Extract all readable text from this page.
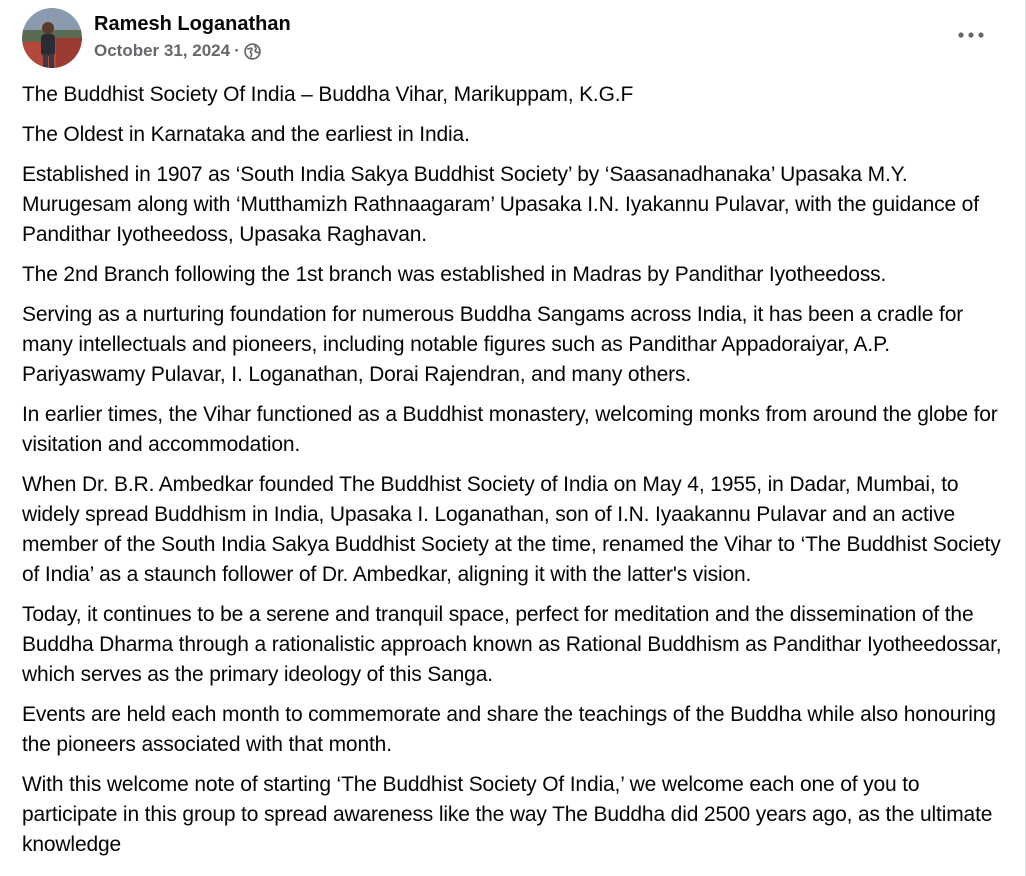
Ramesh Loganathan
October 31, 2024 ·

The Buddhist Society Of India – Buddha Vihar, Marikuppam, K.G.F

The Oldest in Karnataka and the earliest in India.

Established in 1907 as ‘South India Sakya Buddhist Society’ by ‘Saasanadhanaka’ Upasaka M.Y. Murugesam along with ‘Mutthamizh Rathnaagaram’ Upasaka I.N. Iyakannu Pulavar, with the guidance of Pandithar Iyotheedoss, Upasaka Raghavan.

The 2nd Branch following the 1st branch was established in Madras by Pandithar Iyotheedoss.

Serving as a nurturing foundation for numerous Buddha Sangams across India, it has been a cradle for many intellectuals and pioneers, including notable figures such as Pandithar Appadoraiyar, A.P. Pariyaswamy Pulavar, I. Loganathan, Dorai Rajendran, and many others.

In earlier times, the Vihar functioned as a Buddhist monastery, welcoming monks from around the globe for visitation and accommodation.

When Dr. B.R. Ambedkar founded The Buddhist Society of India on May 4, 1955, in Dadar, Mumbai, to widely spread Buddhism in India, Upasaka I. Loganathan, son of I.N. Iyaakannu Pulavar and an active member of the South India Sakya Buddhist Society at the time, renamed the Vihar to ‘The Buddhist Society of India’ as a staunch follower of Dr. Ambedkar, aligning it with the latter's vision.

Today, it continues to be a serene and tranquil space, perfect for meditation and the dissemination of the Buddha Dharma through a rationalistic approach known as Rational Buddhism as Pandithar Iyotheedossar, which serves as the primary ideology of this Sanga.

Events are held each month to commemorate and share the teachings of the Buddha while also honouring the pioneers associated with that month.

With this welcome note of starting ‘The Buddhist Society Of India,’ we welcome each one of you to participate in this group to spread awareness like the way The Buddha did 2500 years ago, as the ultimate knowledge
